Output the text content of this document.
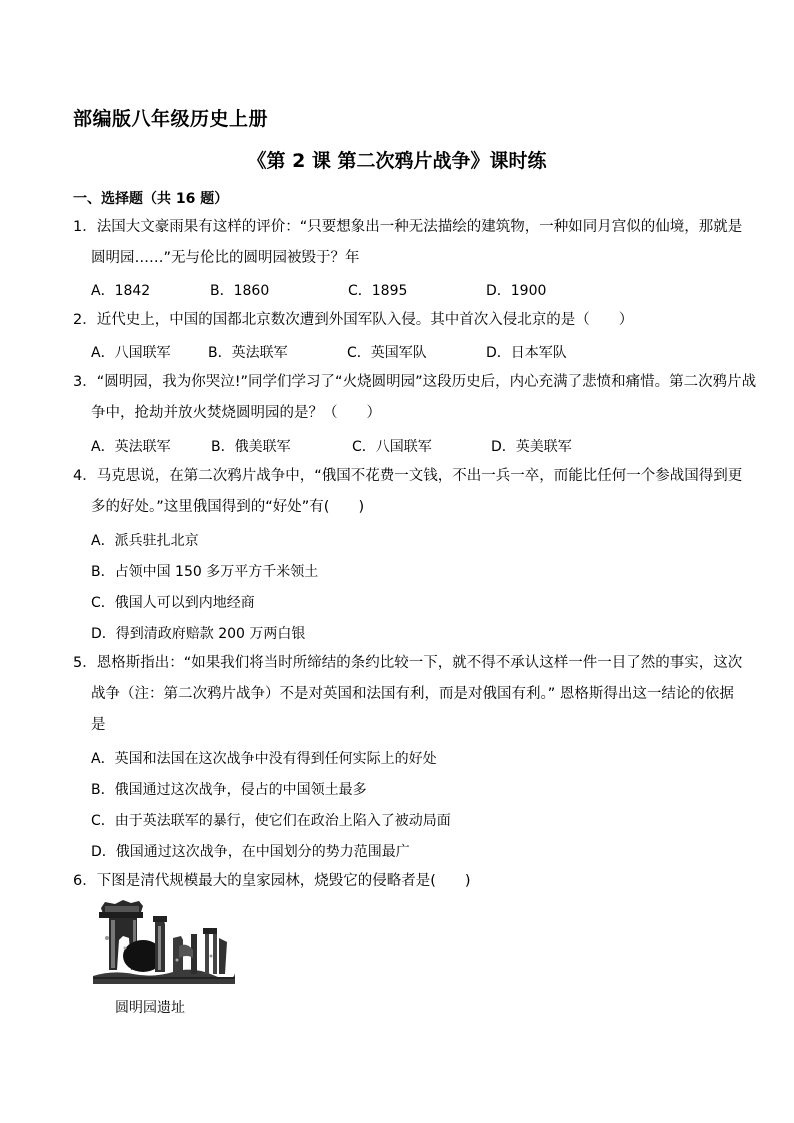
部编版八年级历史上册
《第 2 课 第二次鸦片战争》课时练
一、选择题（共 16 题）
1．法国大文豪雨果有这样的评价：“只要想象出一种无法描绘的建筑物，一种如同月宫似的仙境，那就是
圆明园……”无与伦比的圆明园被毁于？年
A．1842	B．1860	C．1895	D．1900
2．近代史上，中国的国都北京数次遭到外国军队入侵。其中首次入侵北京的是（　　）
A．八国联军	B．英法联军	C．英国军队	D．日本军队
3．“圆明园，我为你哭泣!”同学们学习了“火烧圆明园”这段历史后，内心充满了悲愤和痛惜。第二次鸦片战
争中，抢劫并放火焚烧圆明园的是？（　　）
A．英法联军	B．俄美联军	C．八国联军	D．英美联军
4．马克思说，在第二次鸦片战争中，“俄国不花费一文钱，不出一兵一卒，而能比任何一个参战国得到更
多的好处。”这里俄国得到的“好处”有(　　)
A．派兵驻扎北京
B．占领中国 150 多万平方千米领土
C．俄国人可以到内地经商
D．得到清政府赔款 200 万两白银
5．恩格斯指出：“如果我们将当时所缔结的条约比较一下，就不得不承认这样一件一目了然的事实，这次
战争（注：第二次鸦片战争）不是对英国和法国有利，而是对俄国有利。” 恩格斯得出这一结论的依据
是
A．英国和法国在这次战争中没有得到任何实际上的好处
B．俄国通过这次战争，侵占的中国领土最多
C．由于英法联军的暴行，使它们在政治上陷入了被动局面
D．俄国通过这次战争，在中国划分的势力范围最广
6．下图是清代规模最大的皇家园林，烧毁它的侵略者是(　　)
圆明园遗址
